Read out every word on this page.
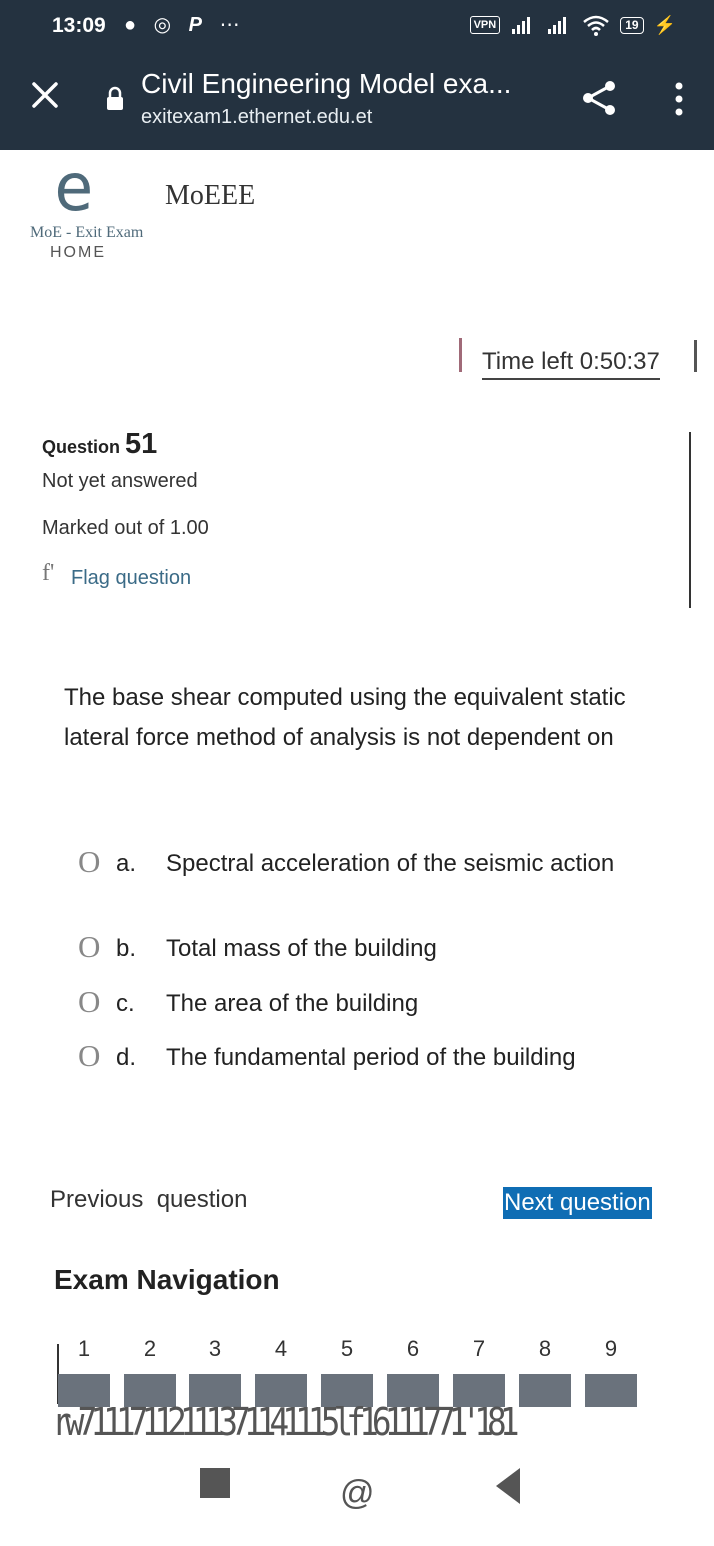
13:09 ● ◎ P ⋯	VPN	19 ⚡
Civil Engineering Model exa...
exitexam1.ethernet.edu.et
e	MoEEE
MoE - Exit Exam
HOME
Time left 0:50:37
Question 51
Not yet answered
Marked out of 1.00
f' Flag question
The base shear computed using the equivalent static lateral force method of analysis is not dependent on
O a.	Spectral acceleration of the seismic action
O b.	Total mass of the building
O c.	The area of the building
O d.	The fundamental period of the building
Previous  question	Next question
Exam Navigation
1	2	3	4	5	6	7	8	9
rw71117112111371141115lf16111771'181
@
